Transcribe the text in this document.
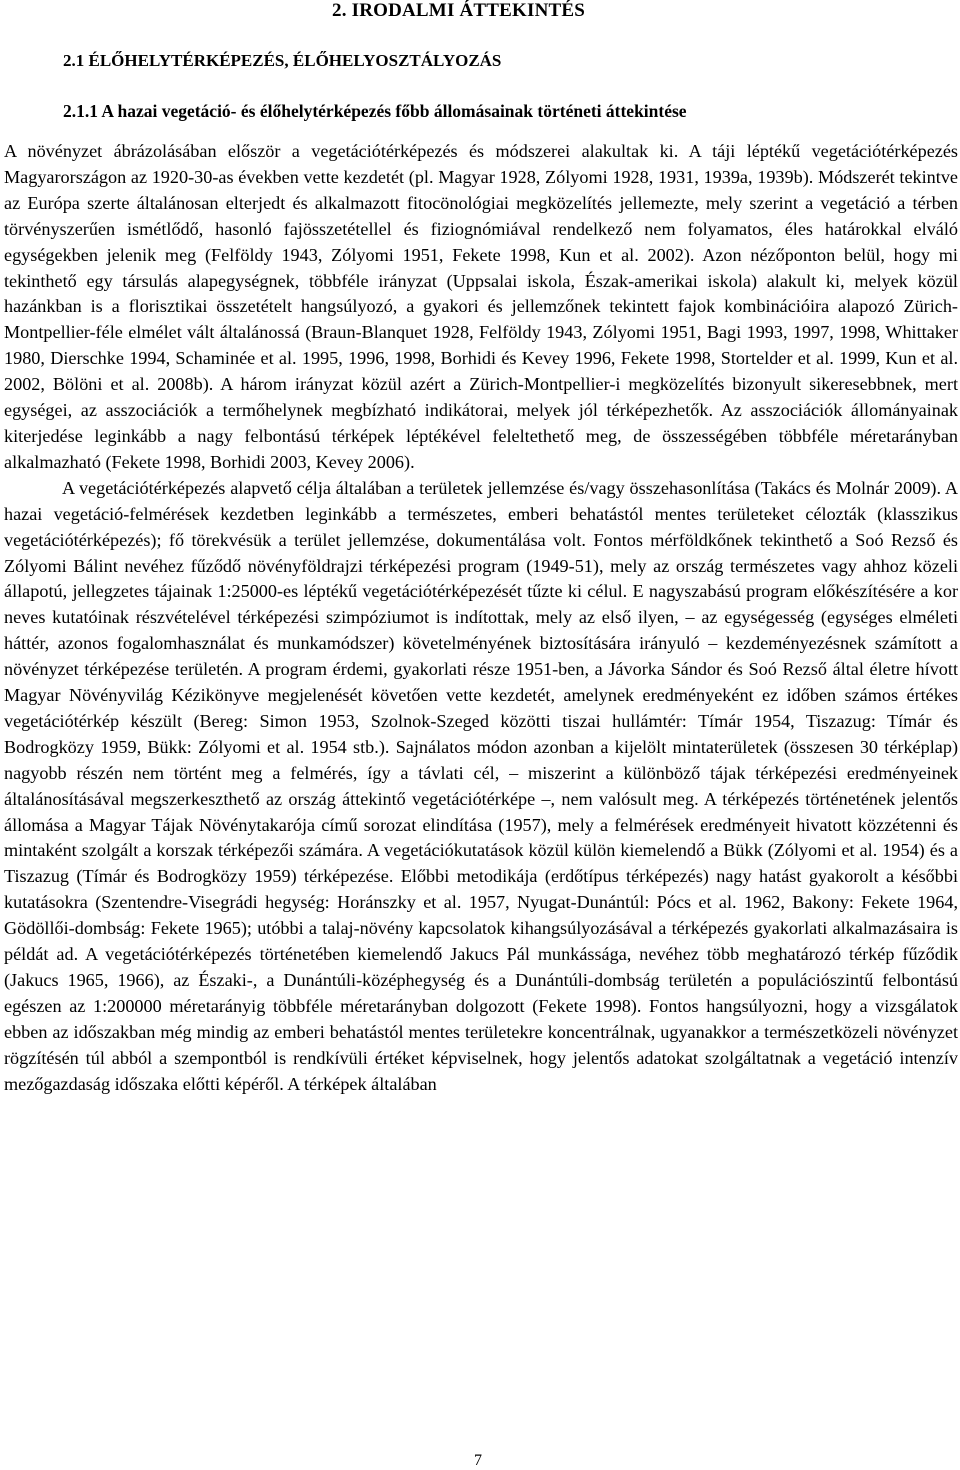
2. IRODALMI ÁTTEKINTÉS
2.1 ÉLŐHELYTÉRKÉPEZÉS, ÉLŐHELYOSZTÁLYOZÁS
2.1.1 A hazai vegetáció- és élőhelytérképezés főbb állomásainak történeti áttekintése

A növényzet ábrázolásában először a vegetációtérképezés és módszerei alakultak ki. A táji léptékű vegetációtérképezés Magyarországon az 1920-30-as években vette kezdetét (pl. Magyar 1928, Zólyomi 1928, 1931, 1939a, 1939b). Módszerét tekintve az Európa szerte általánosan elterjedt és alkalmazott fitocönológiai megközelítés jellemezte, mely szerint a vegetáció a térben törvényszerűen ismétlődő, hasonló fajösszetétellel és fiziognómiával rendelkező nem folyamatos, éles határokkal elváló egységekben jelenik meg (Felföldy 1943, Zólyomi 1951, Fekete 1998, Kun et al. 2002). Azon nézőponton belül, hogy mi tekinthető egy társulás alapegységnek, többféle irányzat (Uppsalai iskola, Észak-amerikai iskola) alakult ki, melyek közül hazánkban is a florisztikai összetételt hangsúlyozó, a gyakori és jellemzőnek tekintett fajok kombinációira alapozó Zürich-Montpellier-féle elmélet vált általánossá (Braun-Blanquet 1928, Felföldy 1943, Zólyomi 1951, Bagi 1993, 1997, 1998, Whittaker 1980, Dierschke 1994, Schaminée et al. 1995, 1996, 1998, Borhidi és Kevey 1996, Fekete 1998, Stortelder et al. 1999, Kun et al. 2002, Bölöni et al. 2008b). A három irányzat közül azért a Zürich-Montpellier-i megközelítés bizonyult sikeresebbnek, mert egységei, az asszociációk a termőhelynek megbízható indikátorai, melyek jól térképezhetők. Az asszociációk állományainak kiterjedése leginkább a nagy felbontású térképek léptékével feleltethető meg, de összességében többféle méretarányban alkalmazható (Fekete 1998, Borhidi 2003, Kevey 2006).

A vegetációtérképezés alapvető célja általában a területek jellemzése és/vagy összehasonlítása (Takács és Molnár 2009). A hazai vegetáció-felmérések kezdetben leginkább a természetes, emberi behatástól mentes területeket célozták (klasszikus vegetációtérképezés); fő törekvésük a terület jellemzése, dokumentálása volt. Fontos mérföldkőnek tekinthető a Soó Rezső és Zólyomi Bálint nevéhez fűződő növényföldrajzi térképezési program (1949-51), mely az ország természetes vagy ahhoz közeli állapotú, jellegzetes tájainak 1:25000-es léptékű vegetációtérképezését tűzte ki célul. E nagyszabású program előkészítésére a kor neves kutatóinak részvételével térképezési szimpóziumot is indítottak, mely az első ilyen, – az egységesség (egységes elméleti háttér, azonos fogalomhasználat és munkamódszer) követelményének biztosítására irányuló – kezdeményezésnek számított a növényzet térképezése területén. A program érdemi, gyakorlati része 1951-ben, a Jávorka Sándor és Soó Rezső által életre hívott Magyar Növényvilág Kézikönyve megjelenését követően vette kezdetét, amelynek eredményeként ez időben számos értékes vegetációtérkép készült (Bereg: Simon 1953, Szolnok-Szeged közötti tiszai hullámtér: Tímár 1954, Tiszazug: Tímár és Bodrogközy 1959, Bükk: Zólyomi et al. 1954 stb.). Sajnálatos módon azonban a kijelölt mintaterületek (összesen 30 térképlap) nagyobb részén nem történt meg a felmérés, így a távlati cél, – miszerint a különböző tájak térképezési eredményeinek általánosításával megszerkeszthető az ország áttekintő vegetációtérképe –, nem valósult meg. A térképezés történetének jelentős állomása a Magyar Tájak Növénytakarója című sorozat elindítása (1957), mely a felmérések eredményeit hivatott közzétenni és mintaként szolgált a korszak térképezői számára. A vegetációkutatások közül külön kiemelendő a Bükk (Zólyomi et al. 1954) és a Tiszazug (Tímár és Bodrogközy 1959) térképezése. Előbbi metodikája (erdőtípus térképezés) nagy hatást gyakorolt a későbbi kutatásokra (Szentendre-Visegrádi hegység: Horánszky et al. 1957, Nyugat-Dunántúl: Pócs et al. 1962, Bakony: Fekete 1964, Gödöllői-dombság: Fekete 1965); utóbbi a talaj-növény kapcsolatok kihangsúlyozásával a térképezés gyakorlati alkalmazásaira is példát ad. A vegetációtérképezés történetében kiemelendő Jakucs Pál munkássága, nevéhez több meghatározó térkép fűződik (Jakucs 1965, 1966), az Északi-, a Dunántúli-középhegység és a Dunántúli-dombság területén a populációszintű felbontású egészen az 1:200000 méretarányig többféle méretarányban dolgozott (Fekete 1998). Fontos hangsúlyozni, hogy a vizsgálatok ebben az időszakban még mindig az emberi behatástól mentes területekre koncentrálnak, ugyanakkor a természetközeli növényzet rögzítésén túl abból a szempontból is rendkívüli értéket képviselnek, hogy jelentős adatokat szolgáltatnak a vegetáció intenzív mezőgazdaság időszaka előtti képéről. A térképek általában

7
